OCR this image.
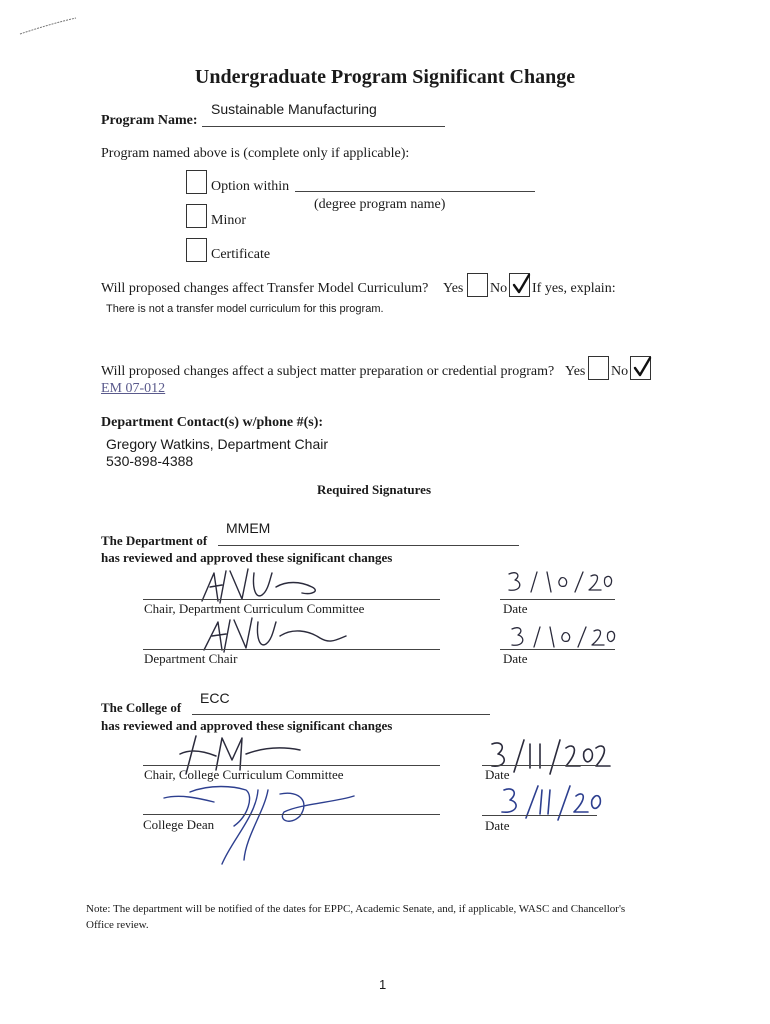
Undergraduate Program Significant Change
Program Name:
Sustainable Manufacturing
Program named above is (complete only if applicable):
Option within
(degree program name)
Minor
Certificate
Will proposed changes affect Transfer Model Curriculum? Yes No If yes, explain:
There is not a transfer model curriculum for this program.
Will proposed changes affect a subject matter preparation or credential program? Yes No
EM 07-012
Department Contact(s) w/phone #(s):
Gregory Watkins, Department Chair
530-898-4388
Required Signatures
MMEM
The Department of
has reviewed and approved these significant changes
Chair, Department Curriculum Committee	Date
Department Chair	Date
ECC
The College of
has reviewed and approved these significant changes
Chair, College Curriculum Committee	Date
College Dean	Date
Note: The department will be notified of the dates for EPPC, Academic Senate, and, if applicable, WASC and Chancellor's Office review.
1
